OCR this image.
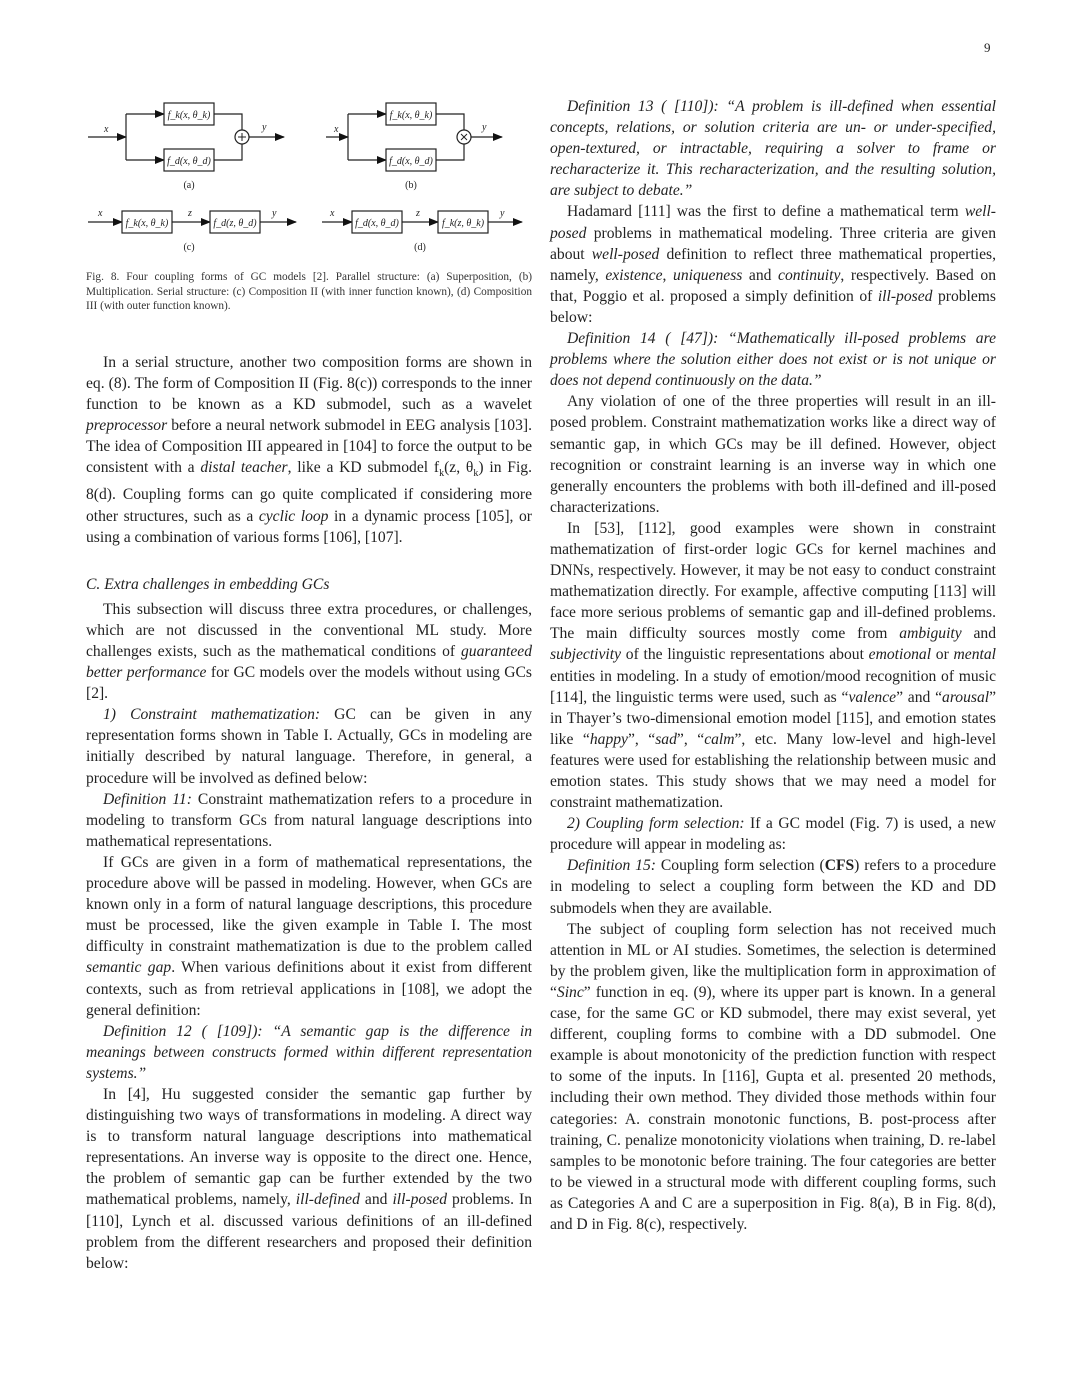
9
x
f_k(x, θ_k)
f_d(x, θ_d)
y	x
f_k(x, θ_k)
f_d(x, θ_d)
y
x
f_k(x, θ_k)
z
f_d(z, θ_d)
y	x
f_d(x, θ_d)
z
f_k(z, θ_k)
y
(a)	(b)
(c)	(d)

Fig. 8. Four coupling forms of GC models [2]. Parallel structure: (a) Superposition, (b) Multiplication. Serial structure: (c) Composition II (with inner function known), (d) Composition III (with outer function known).

In a serial structure, another two composition forms are shown in eq. (8). The form of Composition II (Fig. 8(c)) corresponds to the inner function to be known as a KD submodel, such as a wavelet preprocessor before a neural network submodel in EEG analysis [103]. The idea of Composition III appeared in [104] to force the output to be consistent with a distal teacher, like a KD submodel $f_k(z$, $\theta_k$) in Fig. 8(d). Coupling forms can go quite complicated if considering more other structures, such as a cyclic loop in a dynamic process [105], or using a combination of various forms [106], [107].

C. Extra challenges in embedding GCs

This subsection will discuss three extra procedures, or challenges, which are not discussed in the conventional ML study. More challenges exists, such as the mathematical conditions of guaranteed better performance for GC models over the models without using GCs [2].

1) Constraint mathematization: GC can be given in any representation forms shown in Table I. Actually, GCs in modeling are initially described by natural language. Therefore, in general, a procedure will be involved as defined below:

Definition 11: Constraint mathematization refers to a procedure in modeling to transform GCs from natural language descriptions into mathematical representations.

If GCs are given in a form of mathematical representations, the procedure above will be passed in modeling. However, when GCs are known only in a form of natural language descriptions, this procedure must be processed, like the given example in Table I. The most difficulty in constraint mathematization is due to the problem called semantic gap. When various definitions about it exist from different contexts, such as from retrieval applications in [108], we adopt the general definition:

Definition 12 ( [109]): “A semantic gap is the difference in meanings between constructs formed within different representation systems.”

In [4], Hu suggested consider the semantic gap further by distinguishing two ways of transformations in modeling. A direct way is to transform natural language descriptions into mathematical representations. An inverse way is opposite to the direct one. Hence, the problem of semantic gap can be further extended by the two mathematical problems, namely, ill-defined and ill-posed problems. In [110], Lynch et al. discussed various definitions of an ill-defined problem from the different researchers and proposed their definition below:

Definition 13 ( [110]): “A problem is ill-defined when essential concepts, relations, or solution criteria are un- or under-specified, open-textured, or intractable, requiring a solver to frame or recharacterize it. This recharacterization, and the resulting solution, are subject to debate.”

Hadamard [111] was the first to define a mathematical term well-posed problems in mathematical modeling. Three criteria are given about well-posed definition to reflect three mathematical properties, namely, existence, uniqueness and continuity, respectively. Based on that, Poggio et al. proposed a simply definition of ill-posed problems below:

Definition 14 ( [47]): “Mathematically ill-posed problems are problems where the solution either does not exist or is not unique or does not depend continuously on the data.”

Any violation of one of the three properties will result in an ill-posed problem. Constraint mathematization works like a direct way of semantic gap, in which GCs may be ill defined. However, object recognition or constraint learning is an inverse way in which one generally encounters the problems with both ill-defined and ill-posed characterizations.

In [53], [112], good examples were shown in constraint mathematization of first-order logic GCs for kernel machines and DNNs, respectively. However, it may be not easy to conduct constraint mathematization directly. For example, affective computing [113] will face more serious problems of semantic gap and ill-defined problems. The main difficulty sources mostly come from ambiguity and subjectivity of the linguistic representations about emotional or mental entities in modeling. In a study of emotion/mood recognition of music [114], the linguistic terms were used, such as “valence” and “arousal” in Thayer’s two-dimensional emotion model [115], and emotion states like “happy”, “sad”, “calm”, etc. Many low-level and high-level features were used for establishing the relationship between music and emotion states. This study shows that we may need a model for constraint mathematization.

2) Coupling form selection: If a GC model (Fig. 7) is used, a new procedure will appear in modeling as:

Definition 15: Coupling form selection (CFS) refers to a procedure in modeling to select a coupling form between the KD and DD submodels when they are available.

The subject of coupling form selection has not received much attention in ML or AI studies. Sometimes, the selection is determined by the problem given, like the multiplication form in approximation of “Sinc” function in eq. (9), where its upper part is known. In a general case, for the same GC or KD submodel, there may exist several, yet different, coupling forms to combine with a DD submodel. One example is about monotonicity of the prediction function with respect to some of the inputs. In [116], Gupta et al. presented 20 methods, including their own method. They divided those methods within four categories: A. constrain monotonic functions, B. post-process after training, C. penalize monotonicity violations when training, D. re-label samples to be monotonic before training. The four categories are better to be viewed in a structural mode with different coupling forms, such as Categories A and C are a superposition in Fig. 8(a), B in Fig. 8(d), and D in Fig. 8(c), respectively.
